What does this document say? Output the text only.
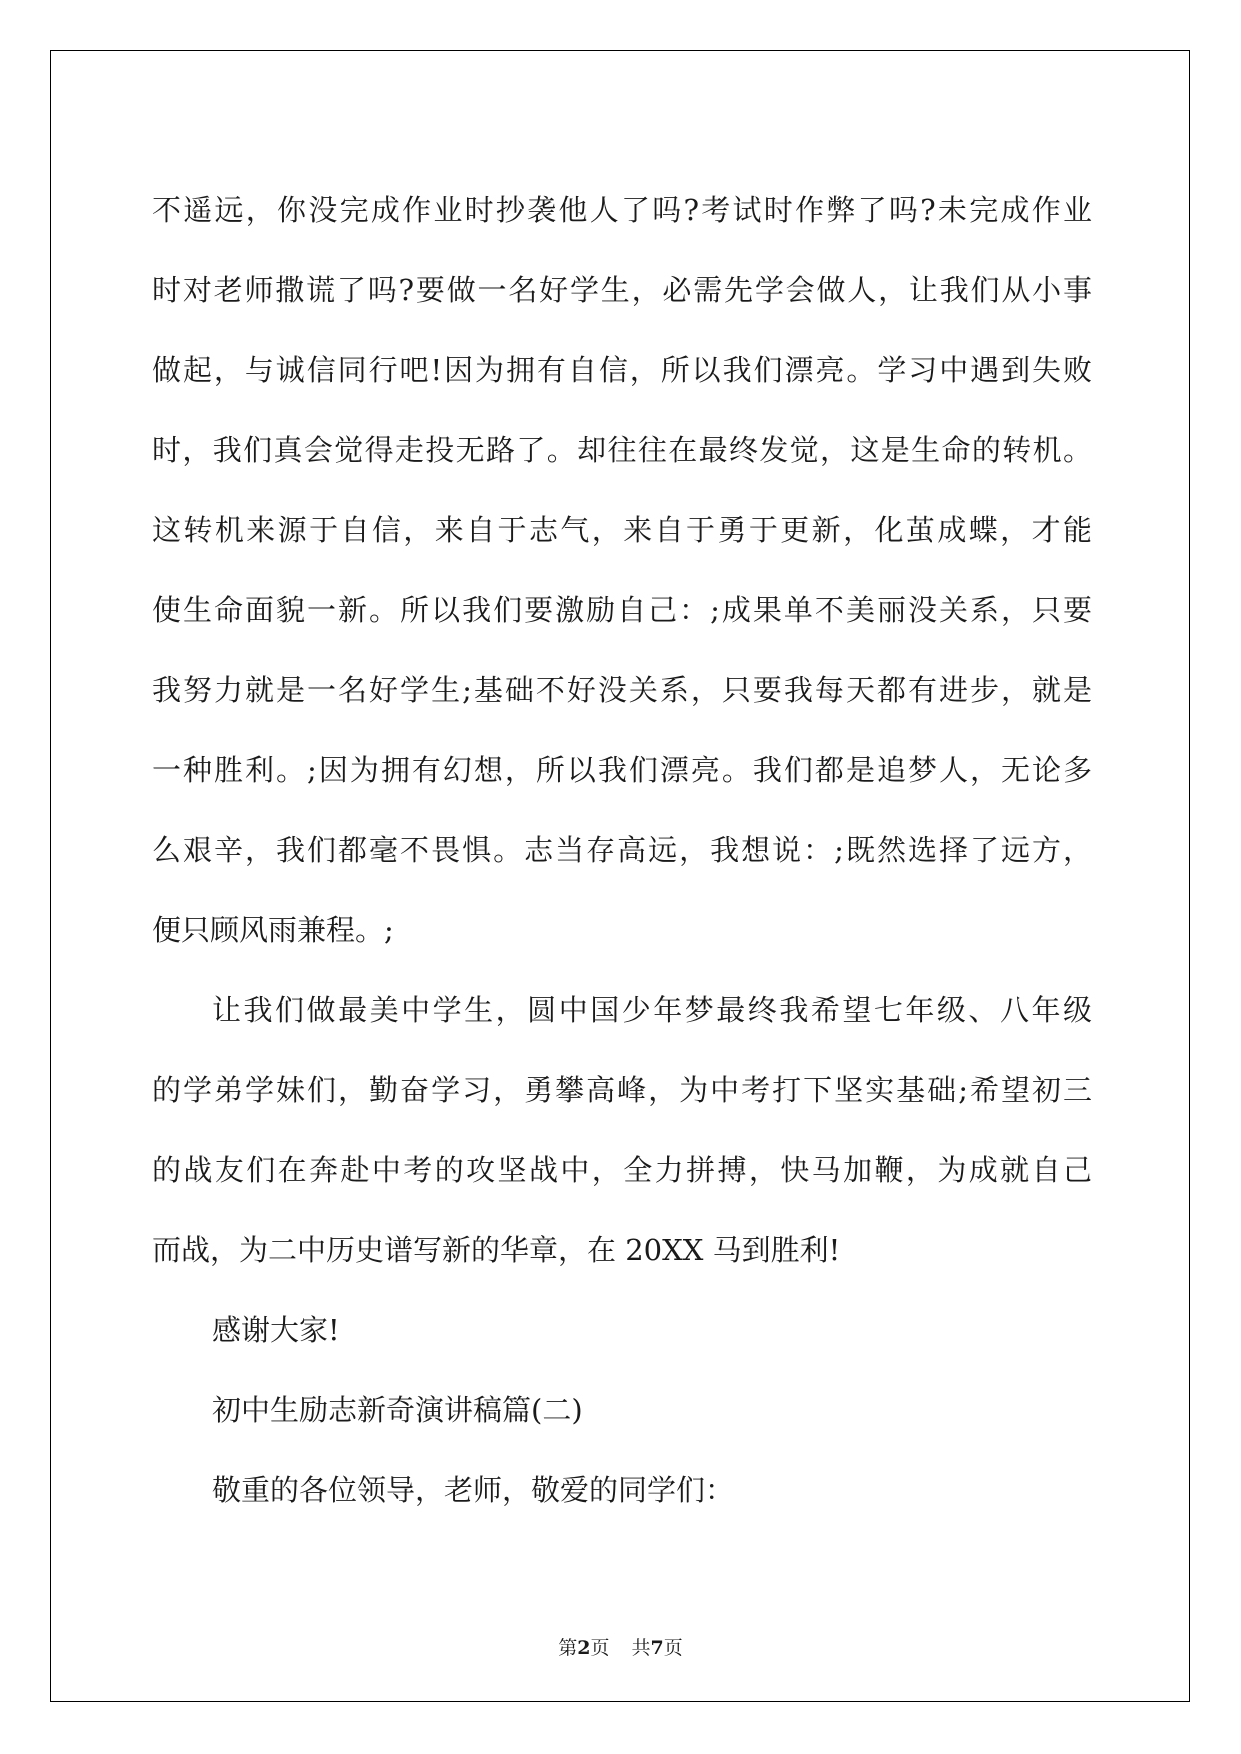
不遥远，你没完成作业时抄袭他人了吗?考试时作弊了吗?未完成作业
时对老师撒谎了吗?要做一名好学生，必需先学会做人，让我们从小事
做起，与诚信同行吧!因为拥有自信，所以我们漂亮。学习中遇到失败
时，我们真会觉得走投无路了。却往往在最终发觉，这是生命的转机。
这转机来源于自信，来自于志气，来自于勇于更新，化茧成蝶，才能
使生命面貌一新。所以我们要激励自己：;成果单不美丽没关系，只要
我努力就是一名好学生;基础不好没关系，只要我每天都有进步，就是
一种胜利。;因为拥有幻想，所以我们漂亮。我们都是追梦人，无论多
么艰辛，我们都毫不畏惧。志当存高远，我想说：;既然选择了远方，
便只顾风雨兼程。;
让我们做最美中学生，圆中国少年梦最终我希望七年级、八年级
的学弟学妹们，勤奋学习，勇攀高峰，为中考打下坚实基础;希望初三
的战友们在奔赴中考的攻坚战中，全力拼搏，快马加鞭，为成就自己
而战，为二中历史谱写新的华章，在 20XX 马到胜利!
感谢大家!
初中生励志新奇演讲稿篇(二)
敬重的各位领导，老师，敬爱的同学们：
第2页 共7页
